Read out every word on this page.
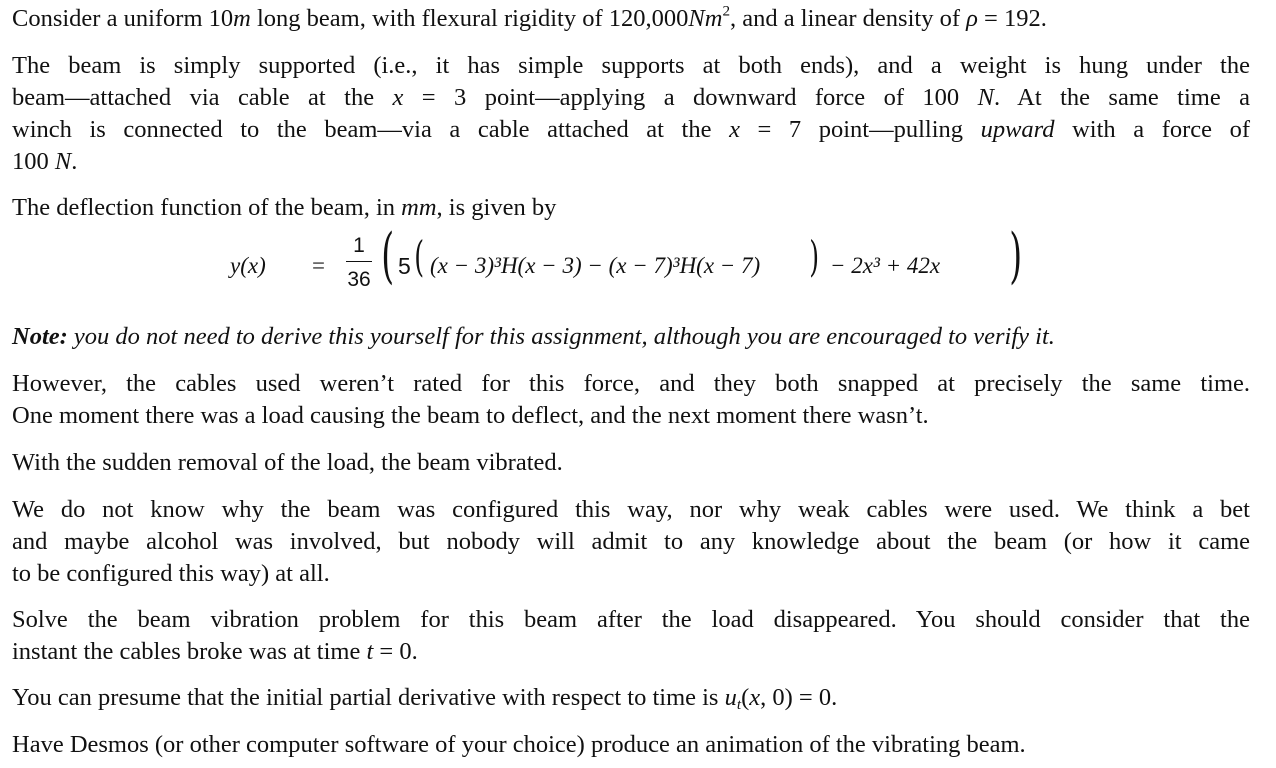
Consider a uniform 10m long beam, with flexural rigidity of 120,000Nm$^2$, and a linear density of ρ = 192.

The beam is simply supported (i.e., it has simple supports at both ends), and a weight is hung under the
beam—attached via cable at the x = 3 point—applying a downward force of 100 N. At the same time a
winch is connected to the beam—via a cable attached at the x = 7 point—pulling upward with a force of
100 N.

The deflection function of the beam, in mm, is given by

y(x) =
1
36 ( 5 ( (x − 3)³H(x − 3) − (x − 7)³H(x − 7) ) − 2x³ + 42x )

Note: you do not need to derive this yourself for this assignment, although you are encouraged to verify it.

However, the cables used weren’t rated for this force, and they both snapped at precisely the same time.
One moment there was a load causing the beam to deflect, and the next moment there wasn’t.

With the sudden removal of the load, the beam vibrated.

We do not know why the beam was configured this way, nor why weak cables were used. We think a bet
and maybe alcohol was involved, but nobody will admit to any knowledge about the beam (or how it came
to be configured this way) at all.
Solve the beam vibration problem for this beam after the load disappeared. You should consider that the
instant the cables broke was at time t = 0.

You can presume that the initial partial derivative with respect to time is $u_t(x$, 0) = 0.

Have Desmos (or other computer software of your choice) produce an animation of the vibrating beam.
